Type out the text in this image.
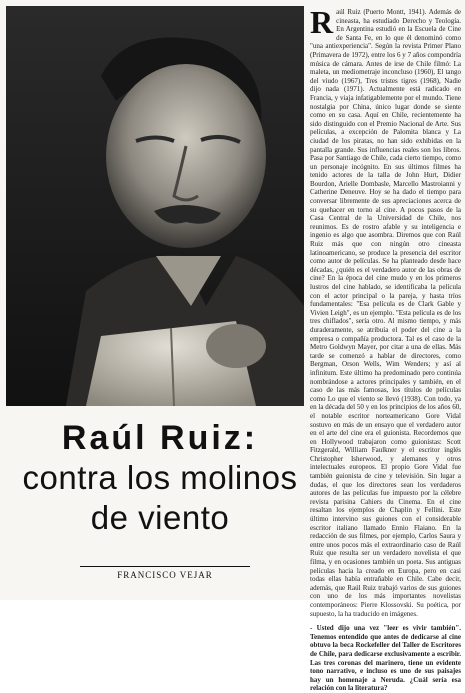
Raúl Ruiz:
contra los molinos
de viento
FRANCISCO VEJAR
R aúl Ruiz (Puerto Montt, 1941). Además de cineasta, ha estudiado Derecho y Teología. En Argentina estudió en la Escuela de Cine de Santa Fe, en lo que él denominó como "una antiexperiencia". Según la revista Primer Plano (Primavera de 1972), entre los 6 y 7 años compondría música de cámara. Antes de irse de Chile filmó: La maleta, un mediometraje inconcluso (1960), El tango del viudo (1967), Tres tristes tigres (1968), Nadie dijo nada (1971). Actualmente está radicado en Francia, y viaja infatigablemente por el mundo. Tiene nostalgia por China, único lugar donde se siente como en su casa. Aquí en Chile, recientemente ha sido distinguido con el Premio Nacional de Arte. Sus películas, a excepción de Palomita blanca y La ciudad de los piratas, no han sido exhibidas en la pantalla grande. Sus influencias reales son los libros. Pasa por Santiago de Chile, cada cierto tiempo, como un personaje incógnito. En sus últimos filmes ha tenido actores de la talla de John Hurt, Didier Bourdon, Arielle Dombasle, Marcello Mastroianni y Catherine Deneuve. Hoy se ha dado el tiempo para conversar libremente de sus apreciaciones acerca de su quehacer en torno al cine. A pocos pasos de la Casa Central de la Universidad de Chile, nos reunimos. Es de rostro afable y su inteligencia e ingenio es algo que asombra. Diremos que con Raúl Ruiz más que con ningún otro cineasta latinoamericano, se produce la presencia del escritor como autor de películas. Se ha planteado desde hace décadas, ¿quién es el verdadero autor de las obras de cine? En la época del cine mudo y en los primeros lustros del cine hablado, se identificaba la película con el actor principal o la pareja, y hasta tríos fundamentales: "Esa película es de Clark Gable y Vivien Leigh", es un ejemplo. "Esta película es de los tres chiflados", sería otro. Al mismo tiempo, y más duraderamente, se atribuía el poder del cine a la empresa o compañía productora. Tal es el caso de la Metro Goldwyn Mayer, por citar a una de ellas. Más tarde se comenzó a hablar de directores, como Bergman, Orson Wells, Wim Wenders; y así al infinitum. Este último ha predominado pero continúa nombrándose a actores principales y también, en el caso de las más famosas, los títulos de películas como Lo que el viento se llevó (1938). Con todo, ya en la década del 50 y en los principios de los años 60, el notable escritor norteamericano Gore Vidal sostuvo en más de un ensayo que el verdadero autor en el arte del cine era el guionista. Recordemos que en Hollywood trabajaron como guionistas: Scott Fitzgerald, William Faulkner y el escritor inglés Christopher Isherwood, y alemanes y otros intelectuales europeos. El propio Gore Vidal fue también guionista de cine y televisión. Sin lugar a dudas, el que los directores sean los verdaderos autores de las películas fue impuesto por la célebre revista parisina Cahiers du Cinema. En el cine resaltan los ejemplos de Chaplin y Fellini. Este último intervino sus guiones con el considerable escritor italiano llamado Ennio Flaiano. En la redacción de sus filmes, por ejemplo, Carlos Saura y entre unos pocos más el extraordinario caso de Raúl Ruiz que resulta ser un verdadero novelista el que filma, y en ocasiones también un poeta. Sus antiguas películas hacia la creado en Europa, pero en casi todas ellas había entrañable en Chile. Cabe decir, además, que Raúl Ruiz trabajó varios de sus guiones con uno de los más importantes novelistas contemporáneos: Pierre Klossovski. Su poética, por supuesto, la ha traducido en imágenes.

- Usted dijo una vez "leer es vivir también". Tenemos entendido que antes de dedicarse al cine obtuvo la beca Rockefeller del Taller de Escritores de Chile, para dedicarse exclusivamente a escribir. Las tres coronas del marinero, tiene un evidente tono narrativo, e incluso es uno de sus paisajes hay un homenaje a Neruda. ¿Cuál sería esa relación con la literatura?
